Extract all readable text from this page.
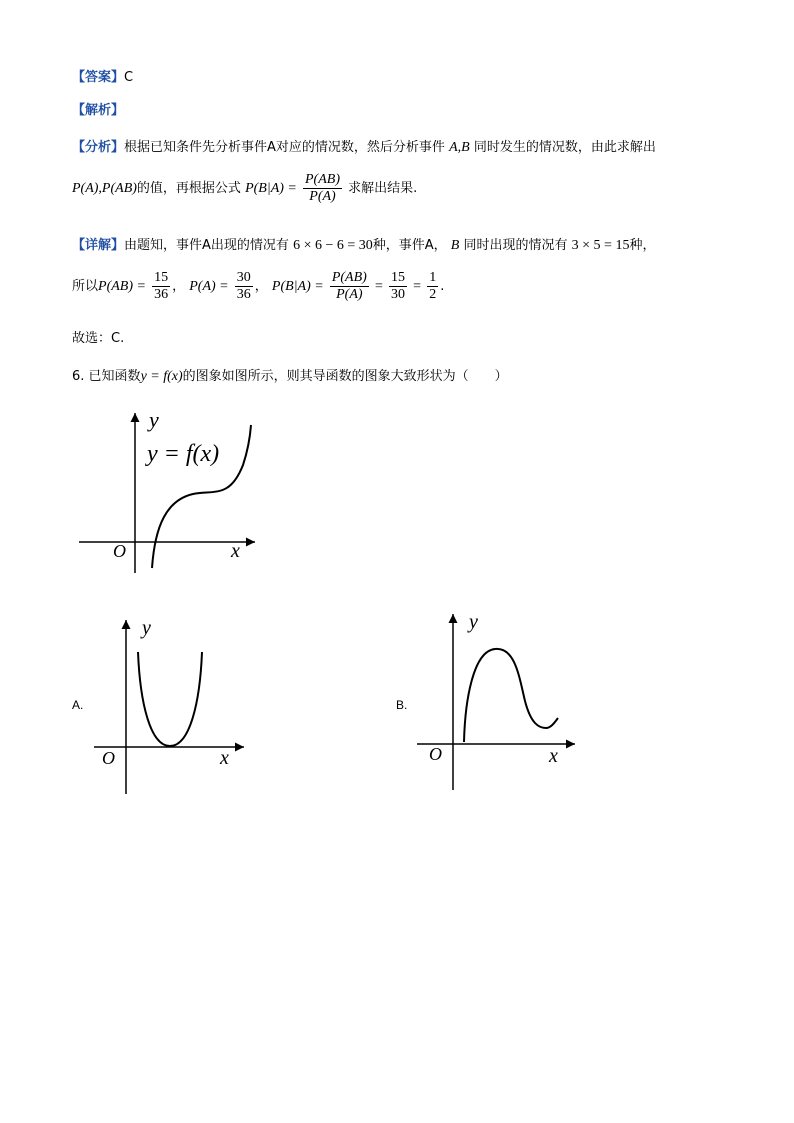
【答案】C
【解析】
【分析】根据已知条件先分析事件A对应的情况数，然后分析事件 A,B 同时发生的情况数，由此求解出
P(A),P(AB)的值，再根据公式 $P(B|A) = \frac{P(AB)}{P(A)}$ 求解出结果.
【详解】由题知，事件A出现的情况有 6 × 6 − 6 = 30种，事件A， B 同时出现的情况有 3 × 5 = 15种，
所以$P(AB) = \frac{15}{36}$ ， $P(A) = \frac{30}{36}$ ， $P(B|A) = \frac{P(AB)}{P(A)} = \frac{15}{30} = \frac{1}{2}$ .
故选：C.
6. 已知函数y = f(x)的图象如图所示，则其导函数的图象大致形状为（　　）
y
y = f(x)
O	x
A.
y
O	x
B.
y
O	x
